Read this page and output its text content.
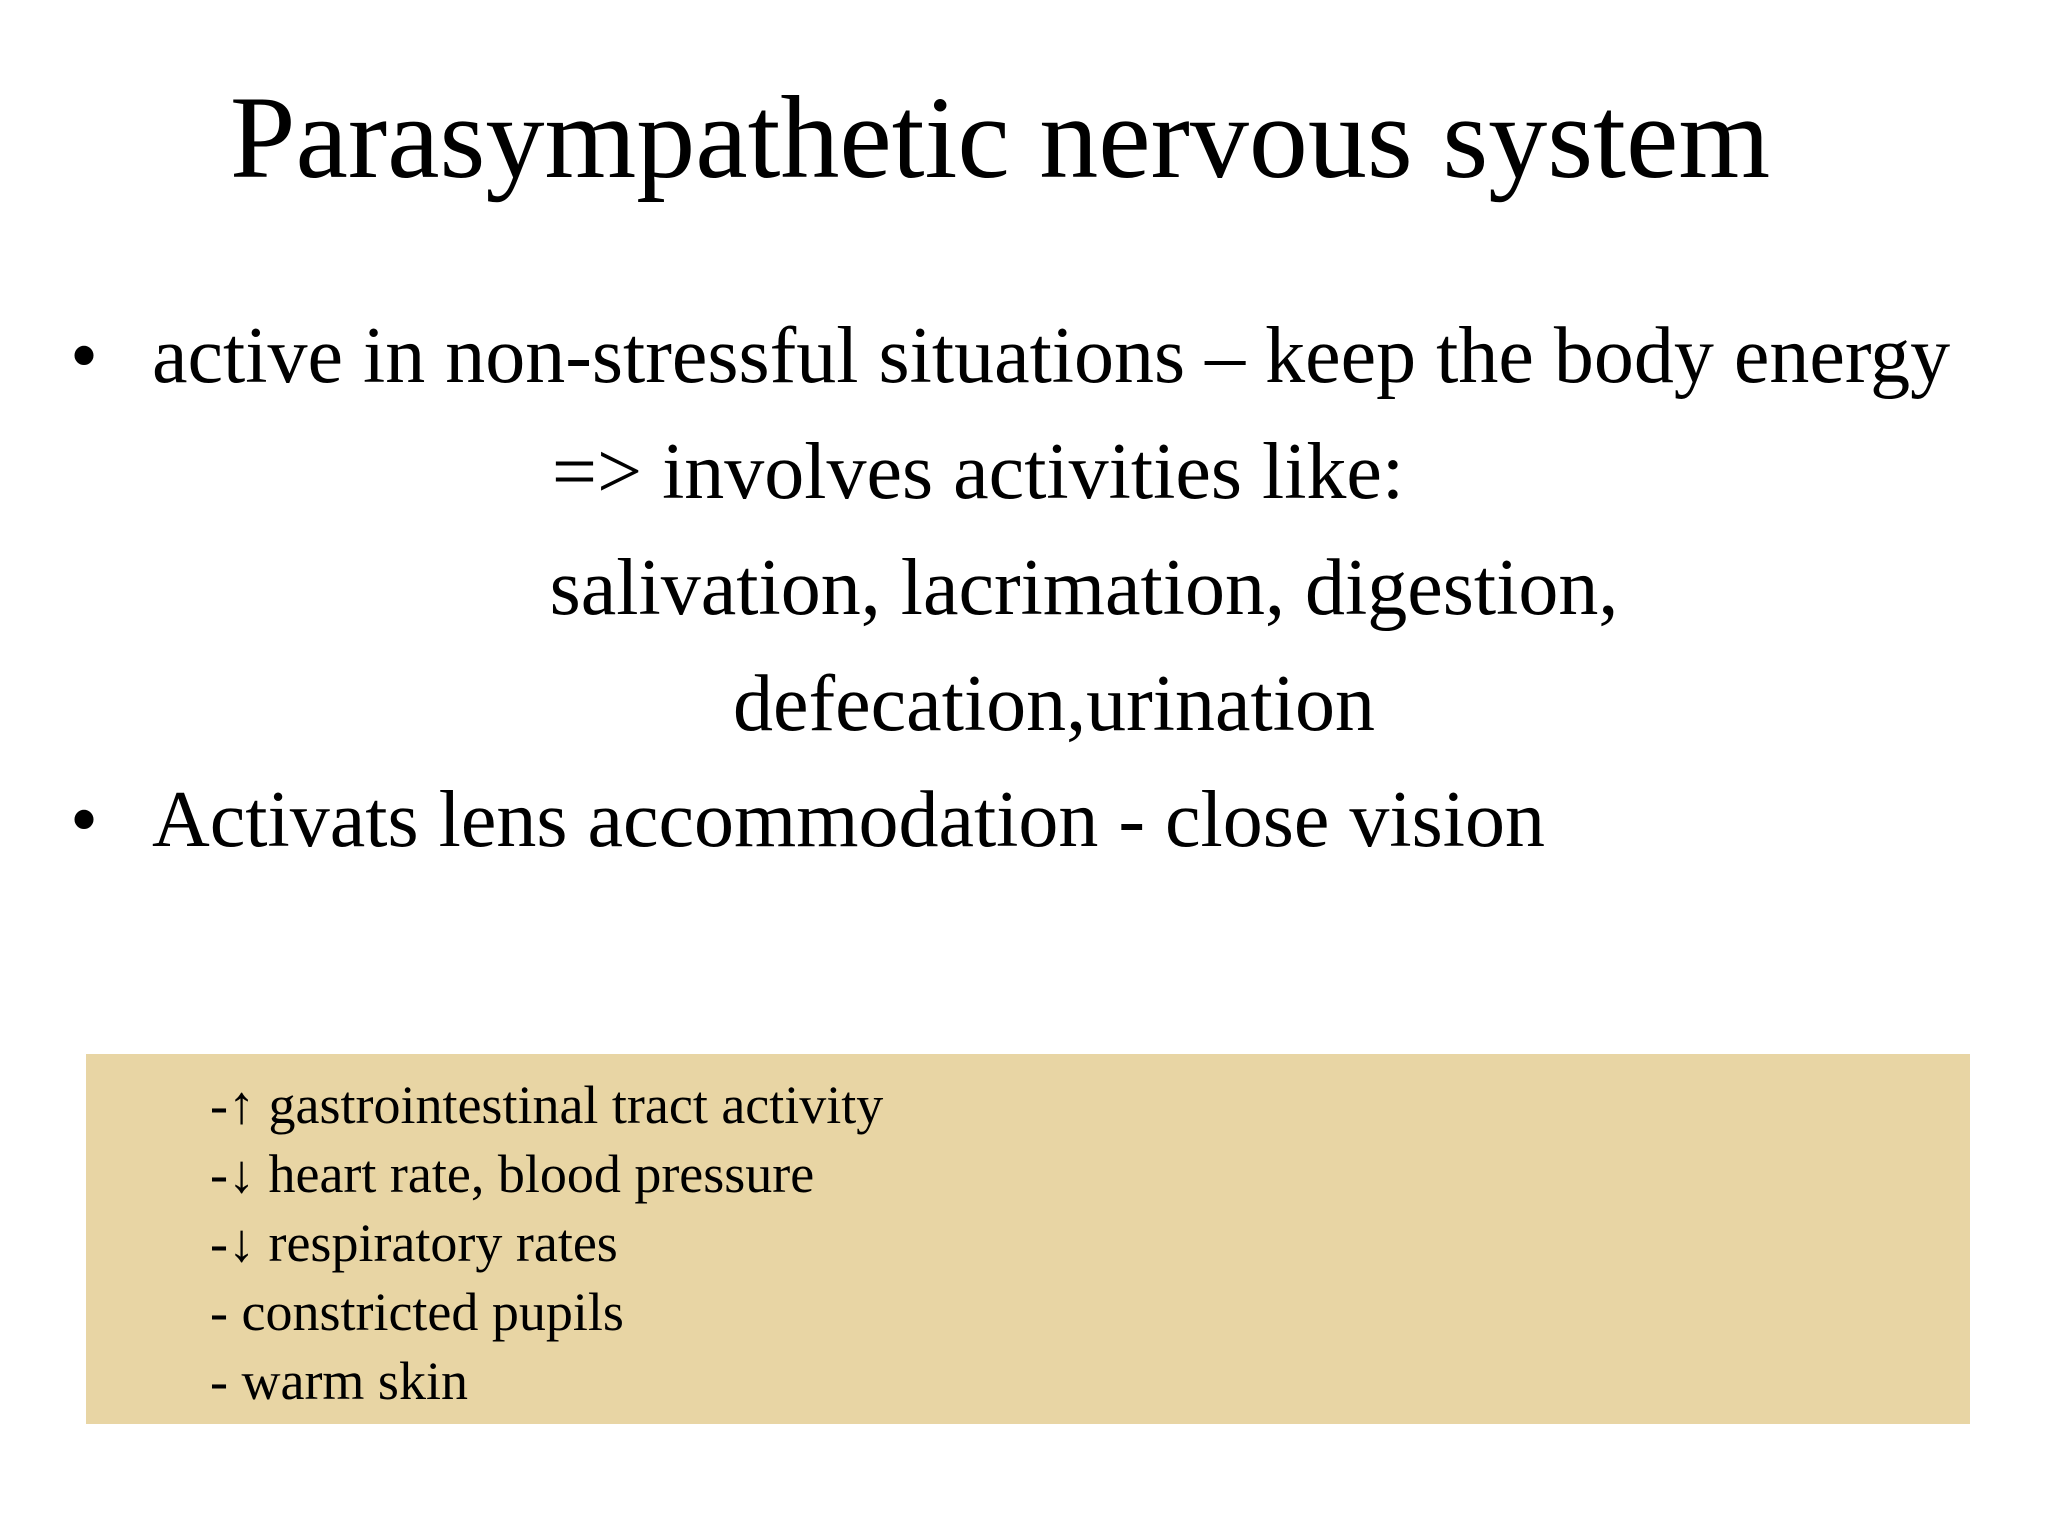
Parasympathetic nervous system
• active in non-stressful situations – keep the body energy
=> involves activities like:
salivation, lacrimation, digestion,
defecation,urination
• Activats lens accommodation - close vision
-↑ gastrointestinal tract activity
-↓ heart rate, blood pressure
-↓ respiratory rates
- constricted pupils
- warm skin
